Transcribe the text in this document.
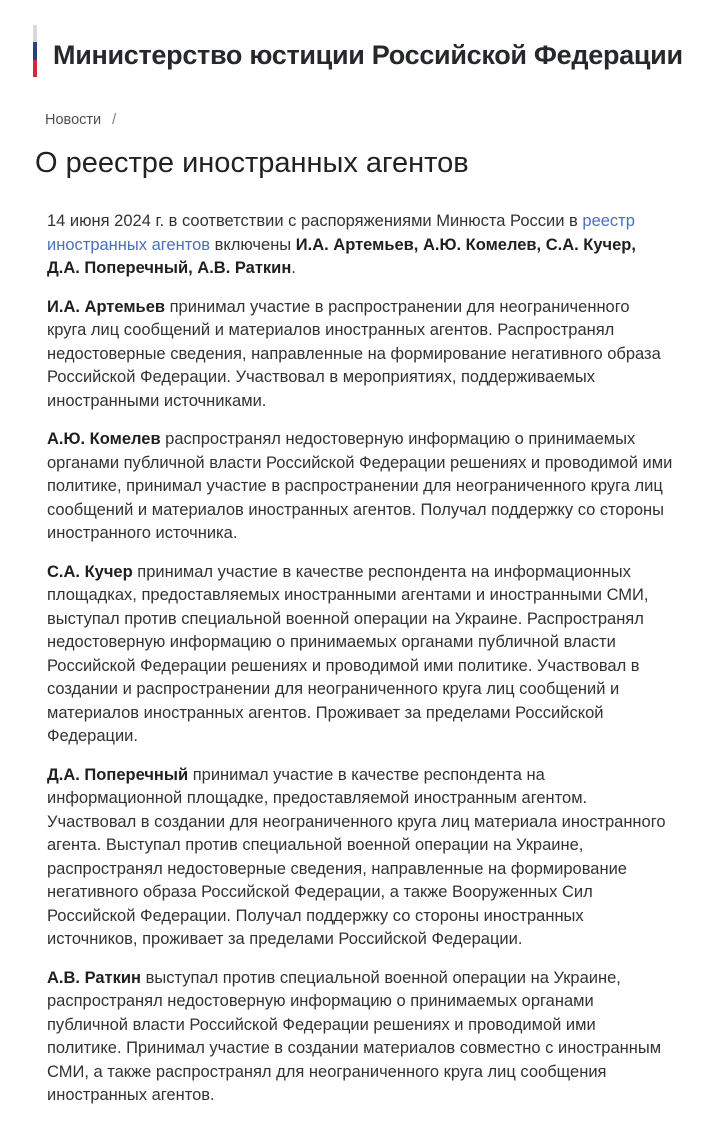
Министерство юстиции Российской Федерации
Новости /
О реестре иностранных агентов

14 июня 2024 г. в соответствии с распоряжениями Минюста России в реестр иностранных агентов включены И.А. Артемьев, А.Ю. Комелев, С.А. Кучер, Д.А. Поперечный, А.В. Раткин.

И.А. Артемьев принимал участие в распространении для неограниченного круга лиц сообщений и материалов иностранных агентов. Распространял недостоверные сведения, направленные на формирование негативного образа Российской Федерации. Участвовал в мероприятиях, поддерживаемых иностранными источниками.

А.Ю. Комелев распространял недостоверную информацию о принимаемых органами публичной власти Российской Федерации решениях и проводимой ими политике, принимал участие в распространении для неограниченного круга лиц сообщений и материалов иностранных агентов. Получал поддержку со стороны иностранного источника.

С.А. Кучер принимал участие в качестве респондента на информационных площадках, предоставляемых иностранными агентами и иностранными СМИ, выступал против специальной военной операции на Украине. Распространял недостоверную информацию о принимаемых органами публичной власти Российской Федерации решениях и проводимой ими политике. Участвовал в создании и распространении для неограниченного круга лиц сообщений и материалов иностранных агентов. Проживает за пределами Российской Федерации.

Д.А. Поперечный принимал участие в качестве респондента на информационной площадке, предоставляемой иностранным агентом. Участвовал в создании для неограниченного круга лиц материала иностранного агента. Выступал против специальной военной операции на Украине, распространял недостоверные сведения, направленные на формирование негативного образа Российской Федерации, а также Вооруженных Сил Российской Федерации. Получал поддержку со стороны иностранных источников, проживает за пределами Российской Федерации.

А.В. Раткин выступал против специальной военной операции на Украине, распространял недостоверную информацию о принимаемых органами публичной власти Российской Федерации решениях и проводимой ими политике. Принимал участие в создании материалов совместно с иностранным СМИ, а также распространял для неограниченного круга лиц сообщения иностранных агентов.
